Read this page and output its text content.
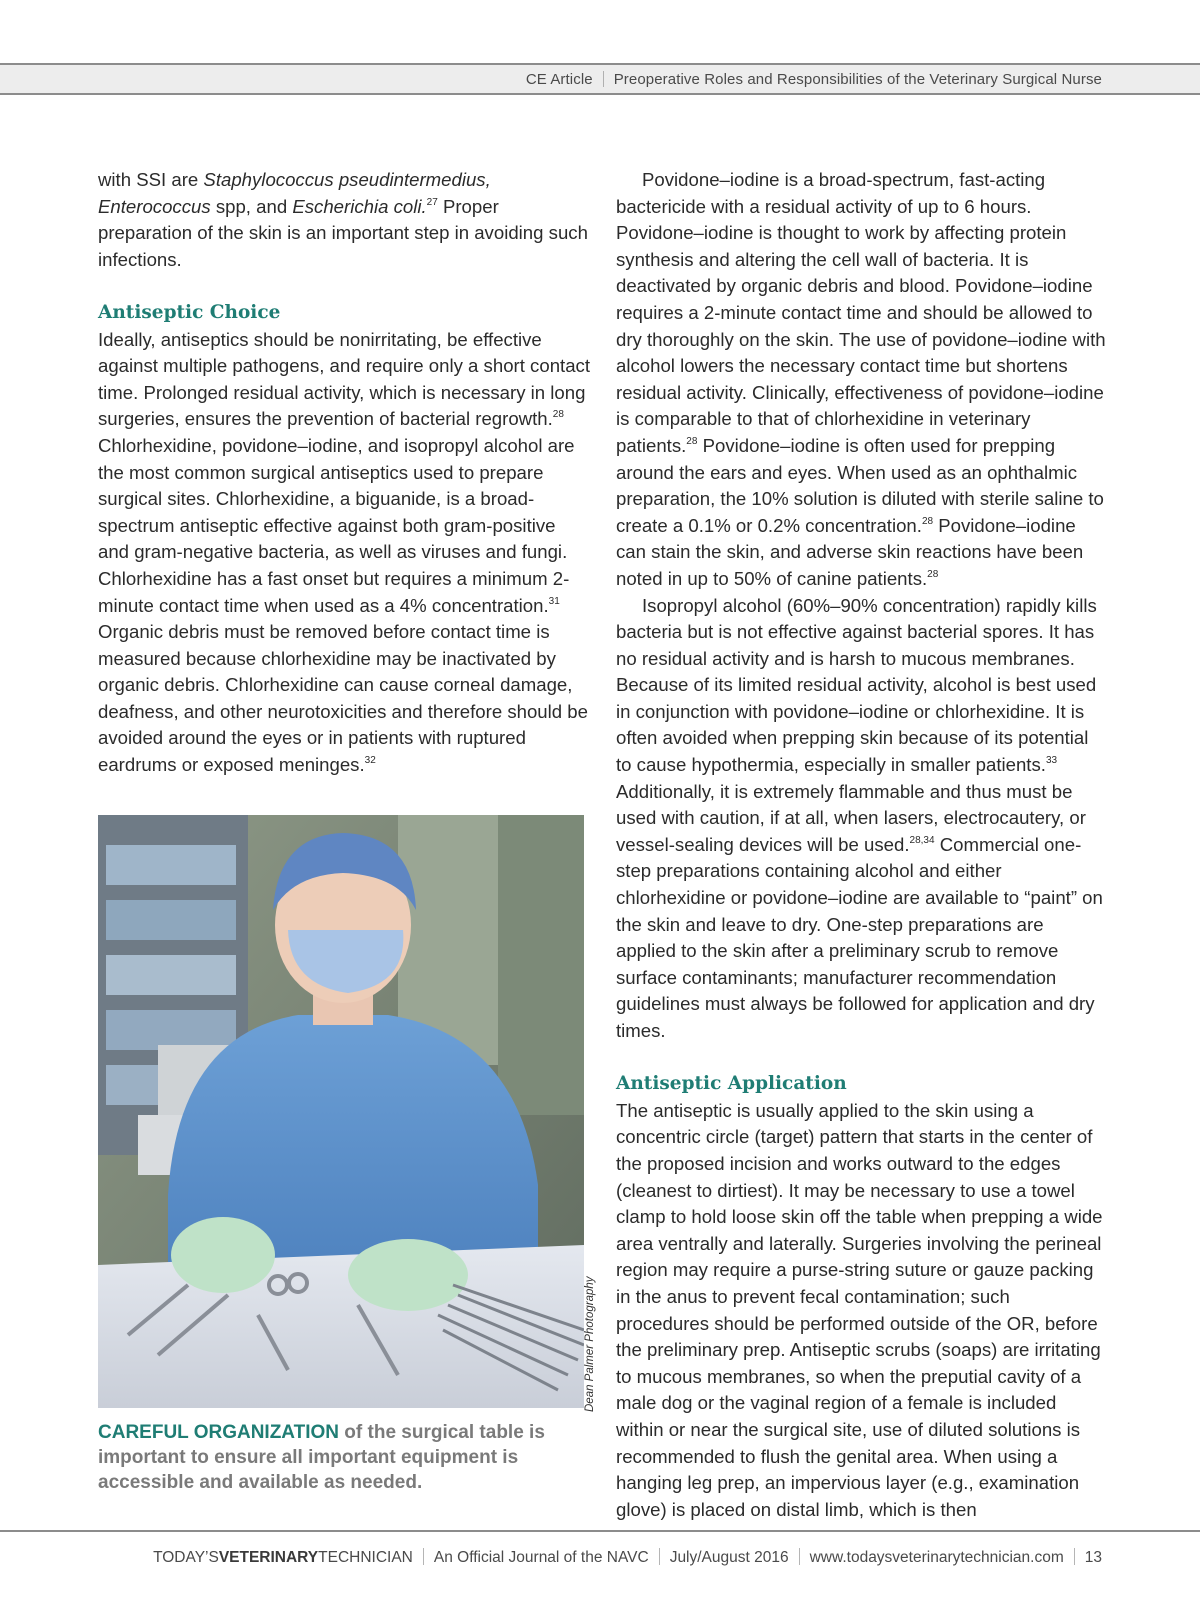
CE Article Preoperative Roles and Responsibilities of the Veterinary Surgical Nurse

with SSI are Staphylococcus pseudintermedius, Enterococcus spp, and Escherichia coli.$^{27}$ Proper preparation of the skin is an important step in avoiding such infections.

Antiseptic Choice

Ideally, antiseptics should be nonirritating, be effective against multiple pathogens, and require only a short contact time. Prolonged residual activity, which is necessary in long surgeries, ensures the prevention of bacterial regrowth.$^{28}$ Chlorhexidine, povidone–iodine, and isopropyl alcohol are the most common surgical antiseptics used to prepare surgical sites. Chlorhexidine, a biguanide, is a broad-spectrum antiseptic effective against both gram-positive and gram-negative bacteria, as well as viruses and fungi. Chlorhexidine has a fast onset but requires a minimum 2-minute contact time when used as a 4% concentration.$^{31}$ Organic debris must be removed before contact time is measured because chlorhexidine may be inactivated by organic debris. Chlorhexidine can cause corneal damage, deafness, and other neurotoxicities and therefore should be avoided around the eyes or in patients with ruptured eardrums or exposed meninges.$^{32}$

Dean Palmer Photography
CAREFUL ORGANIZATION of the surgical table is important to ensure all important equipment is accessible and available as needed.

Povidone–iodine is a broad-spectrum, fast-acting bactericide with a residual activity of up to 6 hours. Povidone–iodine is thought to work by affecting protein synthesis and altering the cell wall of bacteria. It is deactivated by organic debris and blood. Povidone–iodine requires a 2-minute contact time and should be allowed to dry thoroughly on the skin. The use of povidone–iodine with alcohol lowers the necessary contact time but shortens residual activity. Clinically, effectiveness of povidone–iodine is comparable to that of chlorhexidine in veterinary patients.$^{28}$ Povidone–iodine is often used for prepping around the ears and eyes. When used as an ophthalmic preparation, the 10% solution is diluted with sterile saline to create a 0.1% or 0.2% concentration.$^{28}$ Povidone–iodine can stain the skin, and adverse skin reactions have been noted in up to 50% of canine patients.$^{28}$

Isopropyl alcohol (60%–90% concentration) rapidly kills bacteria but is not effective against bacterial spores. It has no residual activity and is harsh to mucous membranes. Because of its limited residual activity, alcohol is best used in conjunction with povidone–iodine or chlorhexidine. It is often avoided when prepping skin because of its potential to cause hypothermia, especially in smaller patients.$^{33}$ Additionally, it is extremely flammable and thus must be used with caution, if at all, when lasers, electrocautery, or vessel-sealing devices will be used.$^{28,34}$ Commercial one-step preparations containing alcohol and either chlorhexidine or povidone–iodine are available to “paint” on the skin and leave to dry. One-step preparations are applied to the skin after a preliminary scrub to remove surface contaminants; manufacturer recommendation guidelines must always be followed for application and dry times.

Antiseptic Application

The antiseptic is usually applied to the skin using a concentric circle (target) pattern that starts in the center of the proposed incision and works outward to the edges (cleanest to dirtiest). It may be necessary to use a towel clamp to hold loose skin off the table when prepping a wide area ventrally and laterally. Surgeries involving the perineal region may require a purse-string suture or gauze packing in the anus to prevent fecal contamination; such procedures should be performed outside of the OR, before the preliminary prep. Antiseptic scrubs (soaps) are irritating to mucous membranes, so when the preputial cavity of a male dog or the vaginal region of a female is included within or near the surgical site, use of diluted solutions is recommended to flush the genital area. When using a hanging leg prep, an impervious layer (e.g., examination glove) is placed on distal limb, which is then

TODAY’SVETERINARYTECHNICIAN An Official Journal of the NAVC July/August 2016 www.todaysveterinarytechnician.com 13
